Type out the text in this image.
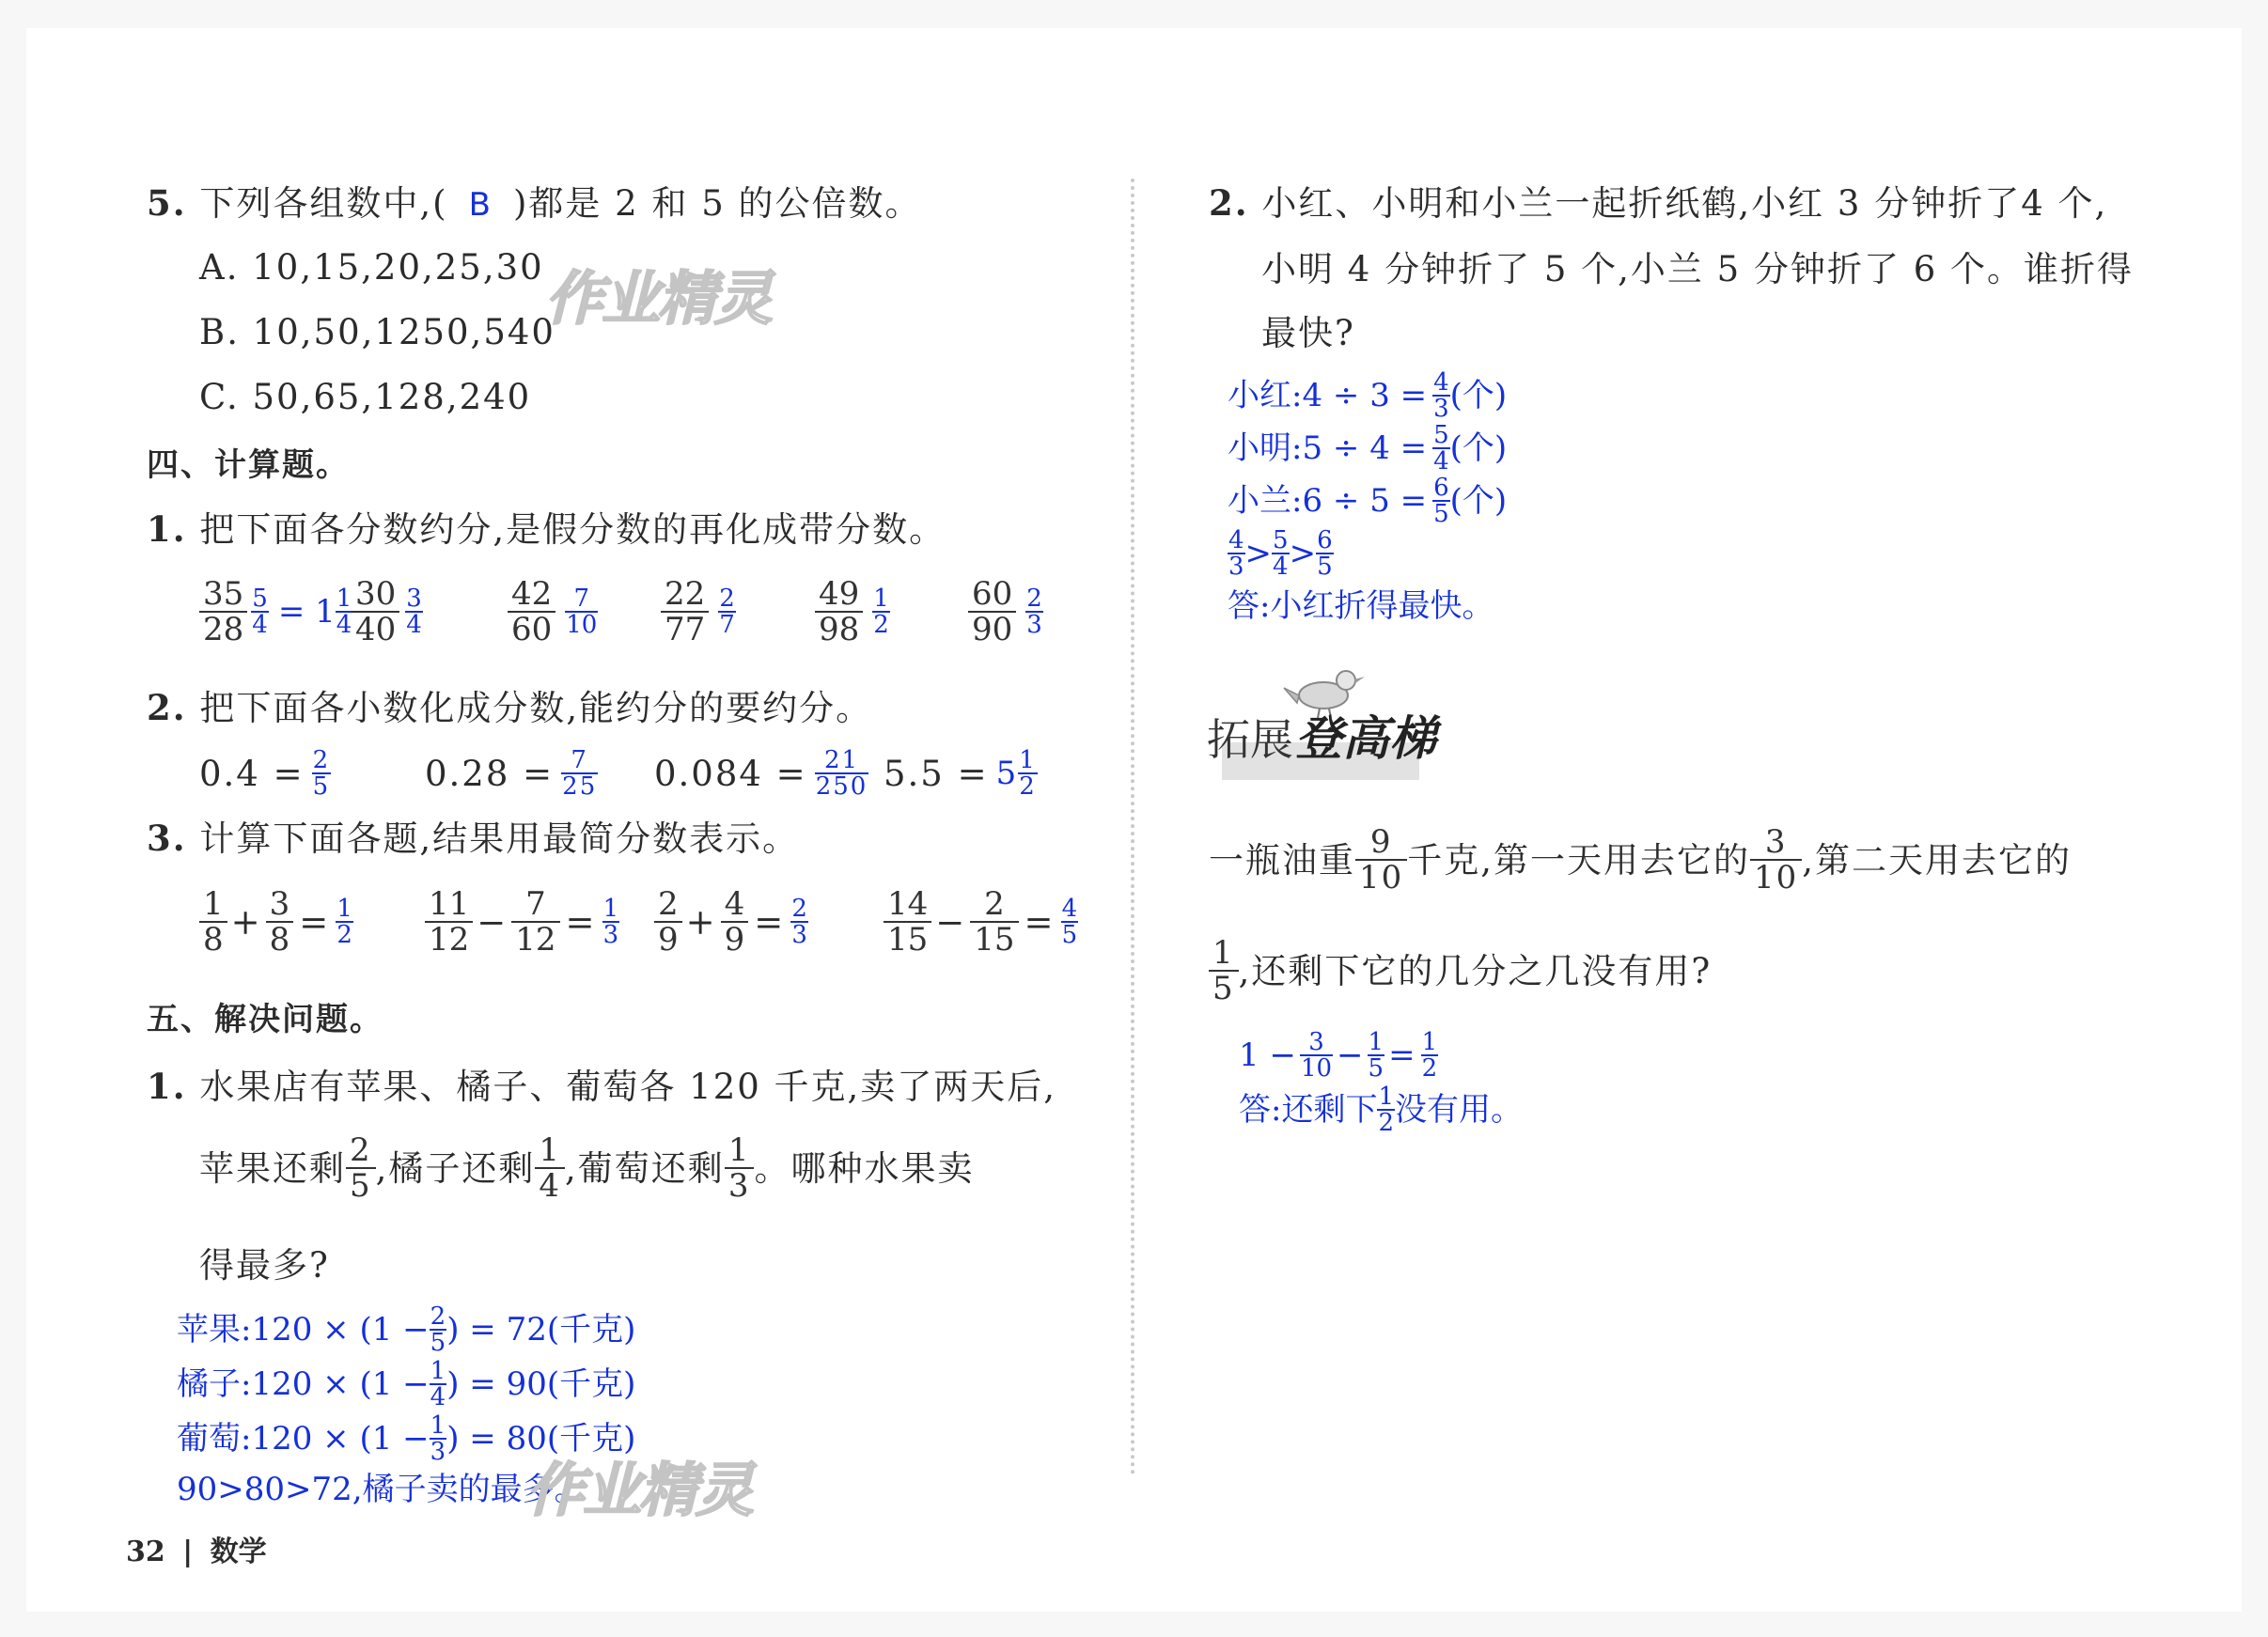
5. 下列各组数中,( B )都是 2 和 5 的公倍数。
A. 10,15,20,25,30
B. 10,50,1250,540
C. 50,65,128,240
作业精灵
四、计算题。
1. 把下面各分数约分,是假分数的再化成带分数。
$\frac{35}{28} \frac{5}{4} = 1 \frac{1}{4}$
$\frac{30}{40} \frac{3}{4}$	$\frac{42}{60} \frac{7}{10} \frac{22}{77} \frac{2}{7} \frac{49}{98} \frac{1}{2} \frac{60}{90} \frac{2}{3}$
2. 把下面各小数化成分数,能约分的要约分。
$0.4 = \frac{2}{5}$	$0.28 = \frac{7}{25} 0.084 = \frac{21}{250} 5.5 = 5 \frac{1}{2}$
3. 计算下面各题,结果用最简分数表示。
$\frac{1}{8} + \frac{3}{8} = \frac{1}{2} \frac{11}{12} - \frac{7}{12} = \frac{1}{3} \frac{2}{9} + \frac{4}{9} = \frac{2}{3} \frac{14}{15} - \frac{2}{15} = \frac{4}{5}$
五、解决问题。
1. 水果店有苹果、橘子、葡萄各 120 千克,卖了两天后,
苹果还剩 $\frac{2}{5}$ ,橘子还剩 $\frac{1}{4}$ ,葡萄还剩 $\frac{1}{3}$ 。哪种水果卖
得最多?
苹果:120 × ($1 - \frac{2}{5}$ ) = 72(千克)
橘子:120 × ($1 - \frac{1}{4}$ ) = 90(千克)
葡萄:120 × ($1 - \frac{1}{3}$ ) = 80(千克)
90>80>72,橘子卖的最多。
作业精灵
32 | 数学
2. 小红、小明和小兰一起折纸鹤,小红 3 分钟折了4 个,
小明 4 分钟折了 5 个,小兰 5 分钟折了 6 个。谁折得
最快?
小红:4 ÷ $3 = \frac{4}{3}$ (个)
小明:5 ÷ $4 = \frac{5}{4}$ (个)
小兰:6 ÷ $5 = \frac{6}{5}$ (个)
$\frac{4}{3} > \frac{5}{4} > \frac{6}{5}$
答:小红折得最快。
拓展登高梯
一瓶油重 $\frac{9}{10}$ 千克,第一天用去它的 $\frac{3}{10}$ ,第二天用去它的
$\frac{1}{5}$ ,还剩下它的几分之几没有用?
$1 - \frac{3}{10} - \frac{1}{5} = \frac{1}{2}$
答:还剩下 $\frac{1}{2}$ 没有用。
